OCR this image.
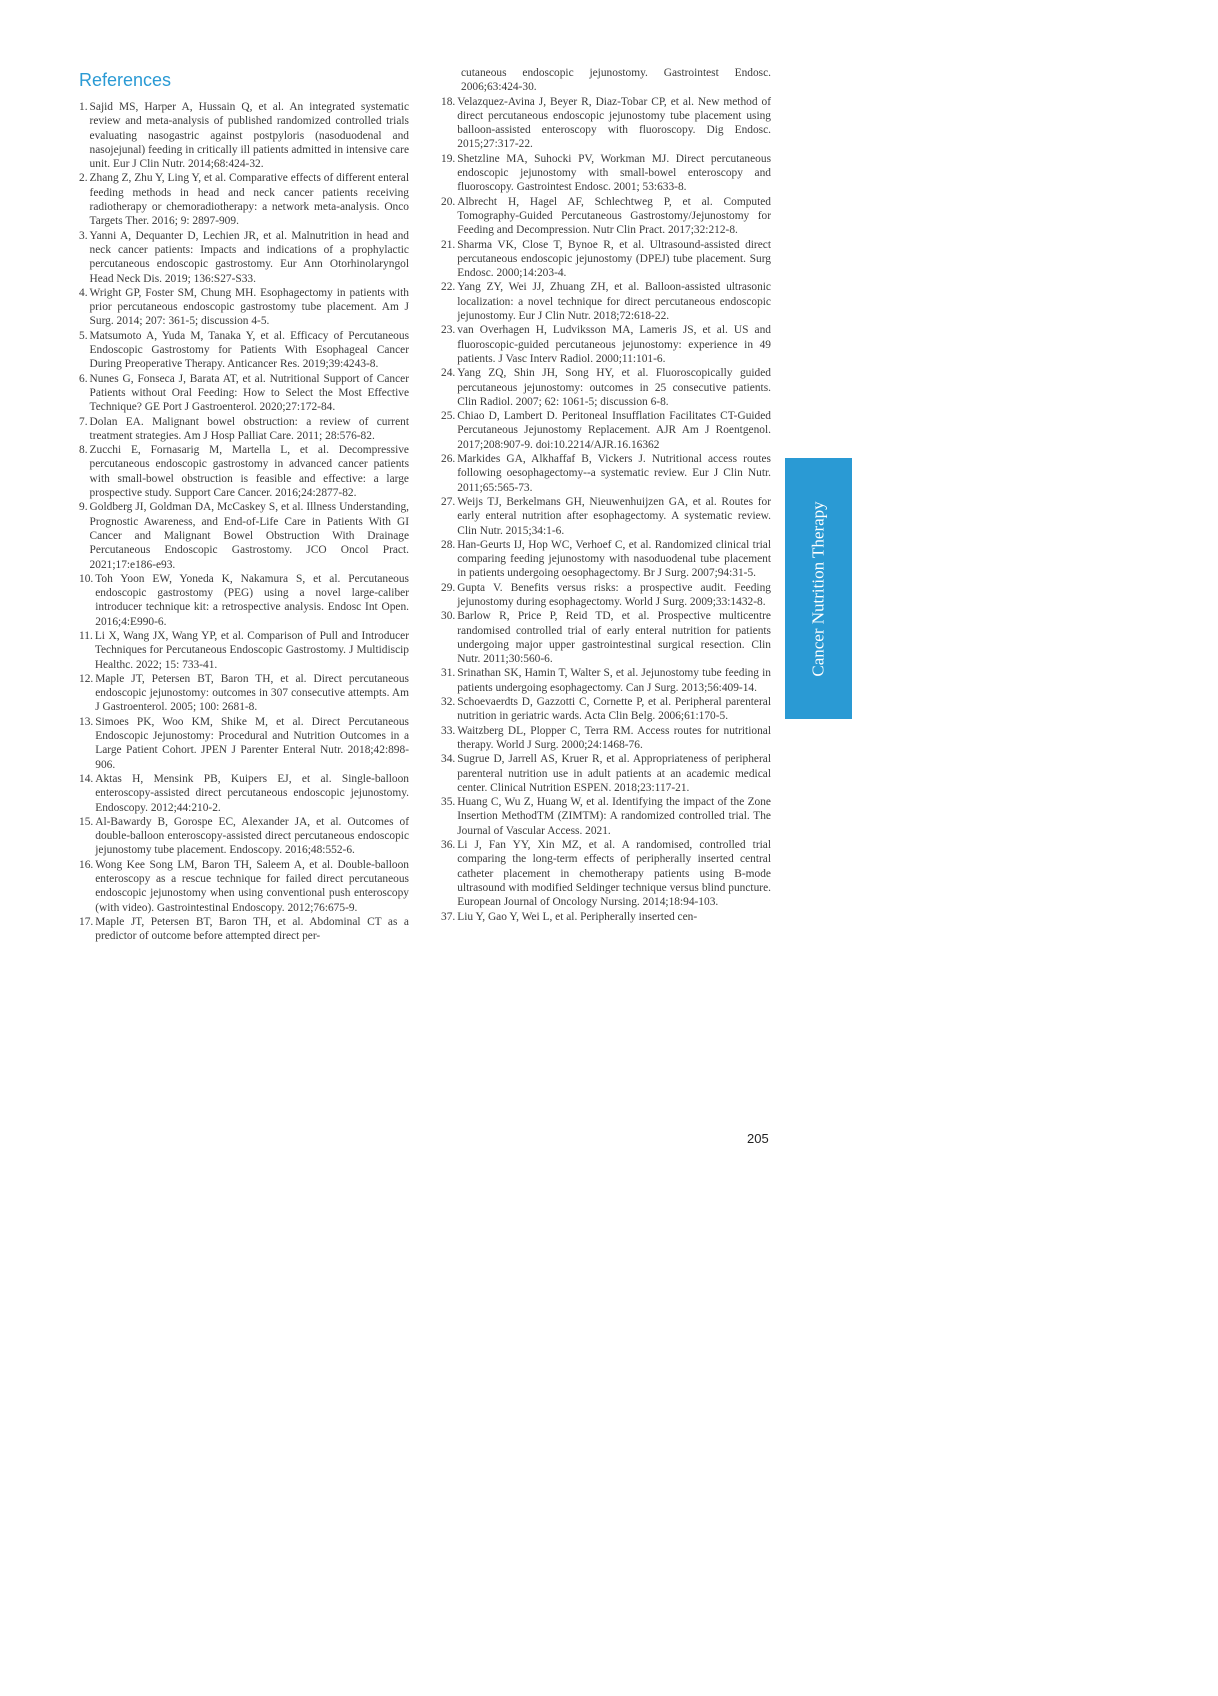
References
1. Sajid MS, Harper A, Hussain Q, et al. An integrated systematic review and meta-analysis of published randomized controlled trials evaluating nasogastric against postpyloris (nasoduodenal and nasojejunal) feeding in critically ill patients admitted in intensive care unit. Eur J Clin Nutr. 2014;68:424-32.
2. Zhang Z, Zhu Y, Ling Y, et al. Comparative effects of different enteral feeding methods in head and neck cancer patients receiving radiotherapy or chemoradiotherapy: a network meta-analysis. Onco Targets Ther. 2016; 9: 2897-909.
3. Yanni A, Dequanter D, Lechien JR, et al. Malnutrition in head and neck cancer patients: Impacts and indications of a prophylactic percutaneous endoscopic gastrostomy. Eur Ann Otorhinolaryngol Head Neck Dis. 2019; 136:S27-S33.
4. Wright GP, Foster SM, Chung MH. Esophagectomy in patients with prior percutaneous endoscopic gastrostomy tube placement. Am J Surg. 2014; 207: 361-5; discussion 4-5.
5. Matsumoto A, Yuda M, Tanaka Y, et al. Efficacy of Percutaneous Endoscopic Gastrostomy for Patients With Esophageal Cancer During Preoperative Therapy. Anticancer Res. 2019;39:4243-8.
6. Nunes G, Fonseca J, Barata AT, et al. Nutritional Support of Cancer Patients without Oral Feeding: How to Select the Most Effective Technique? GE Port J Gastroenterol. 2020;27:172-84.
7. Dolan EA. Malignant bowel obstruction: a review of current treatment strategies. Am J Hosp Palliat Care. 2011; 28:576-82.
8. Zucchi E, Fornasarig M, Martella L, et al. Decompressive percutaneous endoscopic gastrostomy in advanced cancer patients with small-bowel obstruction is feasible and effective: a large prospective study. Support Care Cancer. 2016;24:2877-82.
9. Goldberg JI, Goldman DA, McCaskey S, et al. Illness Understanding, Prognostic Awareness, and End-of-Life Care in Patients With GI Cancer and Malignant Bowel Obstruction With Drainage Percutaneous Endoscopic Gastrostomy. JCO Oncol Pract. 2021;17:e186-e93.
10. Toh Yoon EW, Yoneda K, Nakamura S, et al. Percutaneous endoscopic gastrostomy (PEG) using a novel large-caliber introducer technique kit: a retrospective analysis. Endosc Int Open. 2016;4:E990-6.
11. Li X, Wang JX, Wang YP, et al. Comparison of Pull and Introducer Techniques for Percutaneous Endoscopic Gastrostomy. J Multidiscip Healthc. 2022; 15: 733-41.
12. Maple JT, Petersen BT, Baron TH, et al. Direct percutaneous endoscopic jejunostomy: outcomes in 307 consecutive attempts. Am J Gastroenterol. 2005; 100: 2681-8.
13. Simoes PK, Woo KM, Shike M, et al. Direct Percutaneous Endoscopic Jejunostomy: Procedural and Nutrition Outcomes in a Large Patient Cohort. JPEN J Parenter Enteral Nutr. 2018;42:898-906.
14. Aktas H, Mensink PB, Kuipers EJ, et al. Single-balloon enteroscopy-assisted direct percutaneous endoscopic jejunostomy. Endoscopy. 2012;44:210-2.
15. Al-Bawardy B, Gorospe EC, Alexander JA, et al. Outcomes of double-balloon enteroscopy-assisted direct percutaneous endoscopic jejunostomy tube placement. Endoscopy. 2016;48:552-6.
16. Wong Kee Song LM, Baron TH, Saleem A, et al. Double-balloon enteroscopy as a rescue technique for failed direct percutaneous endoscopic jejunostomy when using conventional push enteroscopy (with video). Gastrointestinal Endoscopy. 2012;76:675-9.
17. Maple JT, Petersen BT, Baron TH, et al. Abdominal CT as a predictor of outcome before attempted direct per-

cutaneous endoscopic jejunostomy. Gastrointest Endosc. 2006;63:424-30.

18. Velazquez-Avina J, Beyer R, Diaz-Tobar CP, et al. New method of direct percutaneous endoscopic jejunostomy tube placement using balloon-assisted enteroscopy with fluoroscopy. Dig Endosc. 2015;27:317-22.
19. Shetzline MA, Suhocki PV, Workman MJ. Direct percutaneous endoscopic jejunostomy with small-bowel enteroscopy and fluoroscopy. Gastrointest Endosc. 2001; 53:633-8.
20. Albrecht H, Hagel AF, Schlechtweg P, et al. Computed Tomography-Guided Percutaneous Gastrostomy/Jejunostomy for Feeding and Decompression. Nutr Clin Pract. 2017;32:212-8.
21. Sharma VK, Close T, Bynoe R, et al. Ultrasound-assisted direct percutaneous endoscopic jejunostomy (DPEJ) tube placement. Surg Endosc. 2000;14:203-4.
22. Yang ZY, Wei JJ, Zhuang ZH, et al. Balloon-assisted ultrasonic localization: a novel technique for direct percutaneous endoscopic jejunostomy. Eur J Clin Nutr. 2018;72:618-22.
23. van Overhagen H, Ludviksson MA, Lameris JS, et al. US and fluoroscopic-guided percutaneous jejunostomy: experience in 49 patients. J Vasc Interv Radiol. 2000;11:101-6.
24. Yang ZQ, Shin JH, Song HY, et al. Fluoroscopically guided percutaneous jejunostomy: outcomes in 25 consecutive patients. Clin Radiol. 2007; 62: 1061-5; discussion 6-8.
25. Chiao D, Lambert D. Peritoneal Insufflation Facilitates CT-Guided Percutaneous Jejunostomy Replacement. AJR Am J Roentgenol. 2017;208:907-9. doi:10.2214/AJR.16.16362
26. Markides GA, Alkhaffaf B, Vickers J. Nutritional access routes following oesophagectomy--a systematic review. Eur J Clin Nutr. 2011;65:565-73.
27. Weijs TJ, Berkelmans GH, Nieuwenhuijzen GA, et al. Routes for early enteral nutrition after esophagectomy. A systematic review. Clin Nutr. 2015;34:1-6.
28. Han-Geurts IJ, Hop WC, Verhoef C, et al. Randomized clinical trial comparing feeding jejunostomy with nasoduodenal tube placement in patients undergoing oesophagectomy. Br J Surg. 2007;94:31-5.
29. Gupta V. Benefits versus risks: a prospective audit. Feeding jejunostomy during esophagectomy. World J Surg. 2009;33:1432-8.
30. Barlow R, Price P, Reid TD, et al. Prospective multicentre randomised controlled trial of early enteral nutrition for patients undergoing major upper gastrointestinal surgical resection. Clin Nutr. 2011;30:560-6.
31. Srinathan SK, Hamin T, Walter S, et al. Jejunostomy tube feeding in patients undergoing esophagectomy. Can J Surg. 2013;56:409-14.
32. Schoevaerdts D, Gazzotti C, Cornette P, et al. Peripheral parenteral nutrition in geriatric wards. Acta Clin Belg. 2006;61:170-5.
33. Waitzberg DL, Plopper C, Terra RM. Access routes for nutritional therapy. World J Surg. 2000;24:1468-76.
34. Sugrue D, Jarrell AS, Kruer R, et al. Appropriateness of peripheral parenteral nutrition use in adult patients at an academic medical center. Clinical Nutrition ESPEN. 2018;23:117-21.
35. Huang C, Wu Z, Huang W, et al. Identifying the impact of the Zone Insertion MethodTM (ZIMTM): A randomized controlled trial. The Journal of Vascular Access. 2021.
36. Li J, Fan YY, Xin MZ, et al. A randomised, controlled trial comparing the long-term effects of peripherally inserted central catheter placement in chemotherapy patients using B-mode ultrasound with modified Seldinger technique versus blind puncture. European Journal of Oncology Nursing. 2014;18:94-103.
37. Liu Y, Gao Y, Wei L, et al. Peripherally inserted cen-
Cancer Nutrition Therapy
205
